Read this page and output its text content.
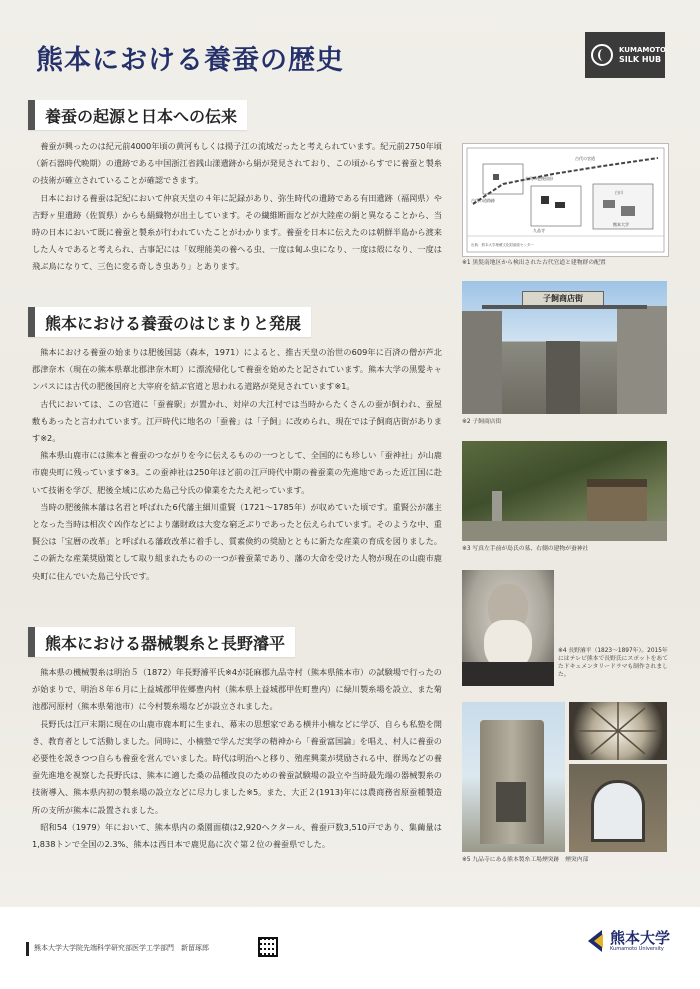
熊本における養蚕の歴史	KUMAMOTO
SILK HUB
養蚕の起源と日本への伝来

養蚕が興ったのは紀元前4000年頃の黄河もしくは揚子江の流域だったと考えられています。紀元前2750年頃（新石器時代晩期）の遺跡である中国浙江省銭山漾遺跡から絹が発見されており、この頃からすでに養蚕と製糸の技術が確立されていることが確認できます。

日本における養蚕は記紀において仲哀天皇の４年に記録があり、弥生時代の遺跡である有田遺跡（福岡県）や吉野ヶ里遺跡（佐賀県）からも絹織物が出土しています。その繊維断面などが大陸産の絹と異なることから、当時の日本において既に養蚕と製糸が行われていたことがわかります。養蚕を日本に伝えたのは朝鮮半島から渡来した人々であると考えられ、古事記には「奴理能美の養へる虫、一度は匐ふ虫になり、一度は殻になり、一度は飛ぶ鳥になりて、三色に変る奇しき虫あり」とあります。

熊本における養蚕のはじまりと発展

熊本における養蚕の始まりは肥後国誌（森本，1971）によると、推古天皇の治世の609年に百済の僧が芦北郡津奈木（現在の熊本県葦北郡津奈木町）に漂流帰化して養蚕を始めたと記されています。熊本大学の黒髪キャンパスには古代の肥後国府と大宰府を結ぶ官道と思われる道路が発見されています※1。

古代においては、この官道に「蚕養駅」が置かれ、対岸の大江村では当時からたくさんの蚕が飼われ、蚕屋敷もあったと言われています。江戸時代に地名の「蚕養」は「子飼」に改められ、現在では子飼商店街があります※2。

熊本県山鹿市には熊本と養蚕のつながりを今に伝えるものの一つとして、全国的にも珍しい「蚕神社」が山鹿市鹿央町に残っています※3。この蚕神社は250年ほど前の江戸時代中期の養蚕業の先進地であった近江国に赴いて技術を学び、肥後全域に広めた島己兮氏の偉業をたたえ祀っています。

当時の肥後熊本藩は名君と呼ばれた6代藩主細川重賢（1721～1785年）が収めていた頃です。重賢公が藩主となった当時は相次ぐ凶作などにより藩財政は大変な窮乏ぶりであったと伝えられています。そのような中、重賢公は「宝暦の改革」と呼ばれる藩政改革に着手し、質素倹約の奨励とともに新たな産業の育成を図りました。この新たな産業奨励策として取り組まれたものの一つが養蚕業であり、藩の大命を受けた人物が現在の山鹿市鹿央町に住んでいた島己兮氏です。

熊本における器械製糸と長野濬平

熊本県の機械製糸は明治５（1872）年長野濬平氏※4が託麻郡九品寺村（熊本県熊本市）の試験場で行ったのが始まりで、明治８年６月に上益城郡甲佐郷豊内村（熊本県上益城郡甲佐町豊内）に緑川製糸場を設立、また菊池郡河原村（熊本県菊池市）に今村製糸場などが設立されました。

長野氏は江戸末期に現在の山鹿市鹿本町に生まれ、幕末の思想家である横井小楠などに学び、自らも私塾を開き、教育者として活動しました。同時に、小楠塾で学んだ実学の精神から「養蚕富国論」を唱え、村人に養蚕の必要性を説きつつ自らも養蚕を営んでいました。時代は明治へと移り、殖産興業が奨励される中、群馬などの養蚕先進地を視察した長野氏は、熊本に適した桑の品種改良のための養蚕試験場の設立や当時最先端の器械製糸の技術導入、熊本県内初の製糸場の設立などに尽力しました※5。また、大正２(1913)年には農商務省原蚕種製造所の支所が熊本に設置されました。

昭和54（1979）年において、熊本県内の桑園面積は2,920ヘクタール、養蚕戸数3,510戸であり、集繭量は1,838トンで全国の2.3%、熊本は西日本で鹿児島に次ぐ第２位の養蚕県でした。

古代の官道
古代の肥後国府
古代の道路跡
九品寺
白川
熊本大学
出典：熊本大学埋蔵文化財調査センター
※1 黒髪南地区から検出された古代官道と建物群の配置
子飼商店街
※2 子飼商店街
※3 写真左手前が島氏の墓、右側の建物が蚕神社
※4 長野濬平（1823～1897年）。2015年にはテレビ熊本で長野氏にスポットをあてたドキュメンタリードラマも制作されました。
※5 九品寺にある熊本製糸工場煙突跡　煙突内部
熊本大学大学院先端科学研究部医学工学部門　新留琢郎
熊本大学
Kumamoto University
